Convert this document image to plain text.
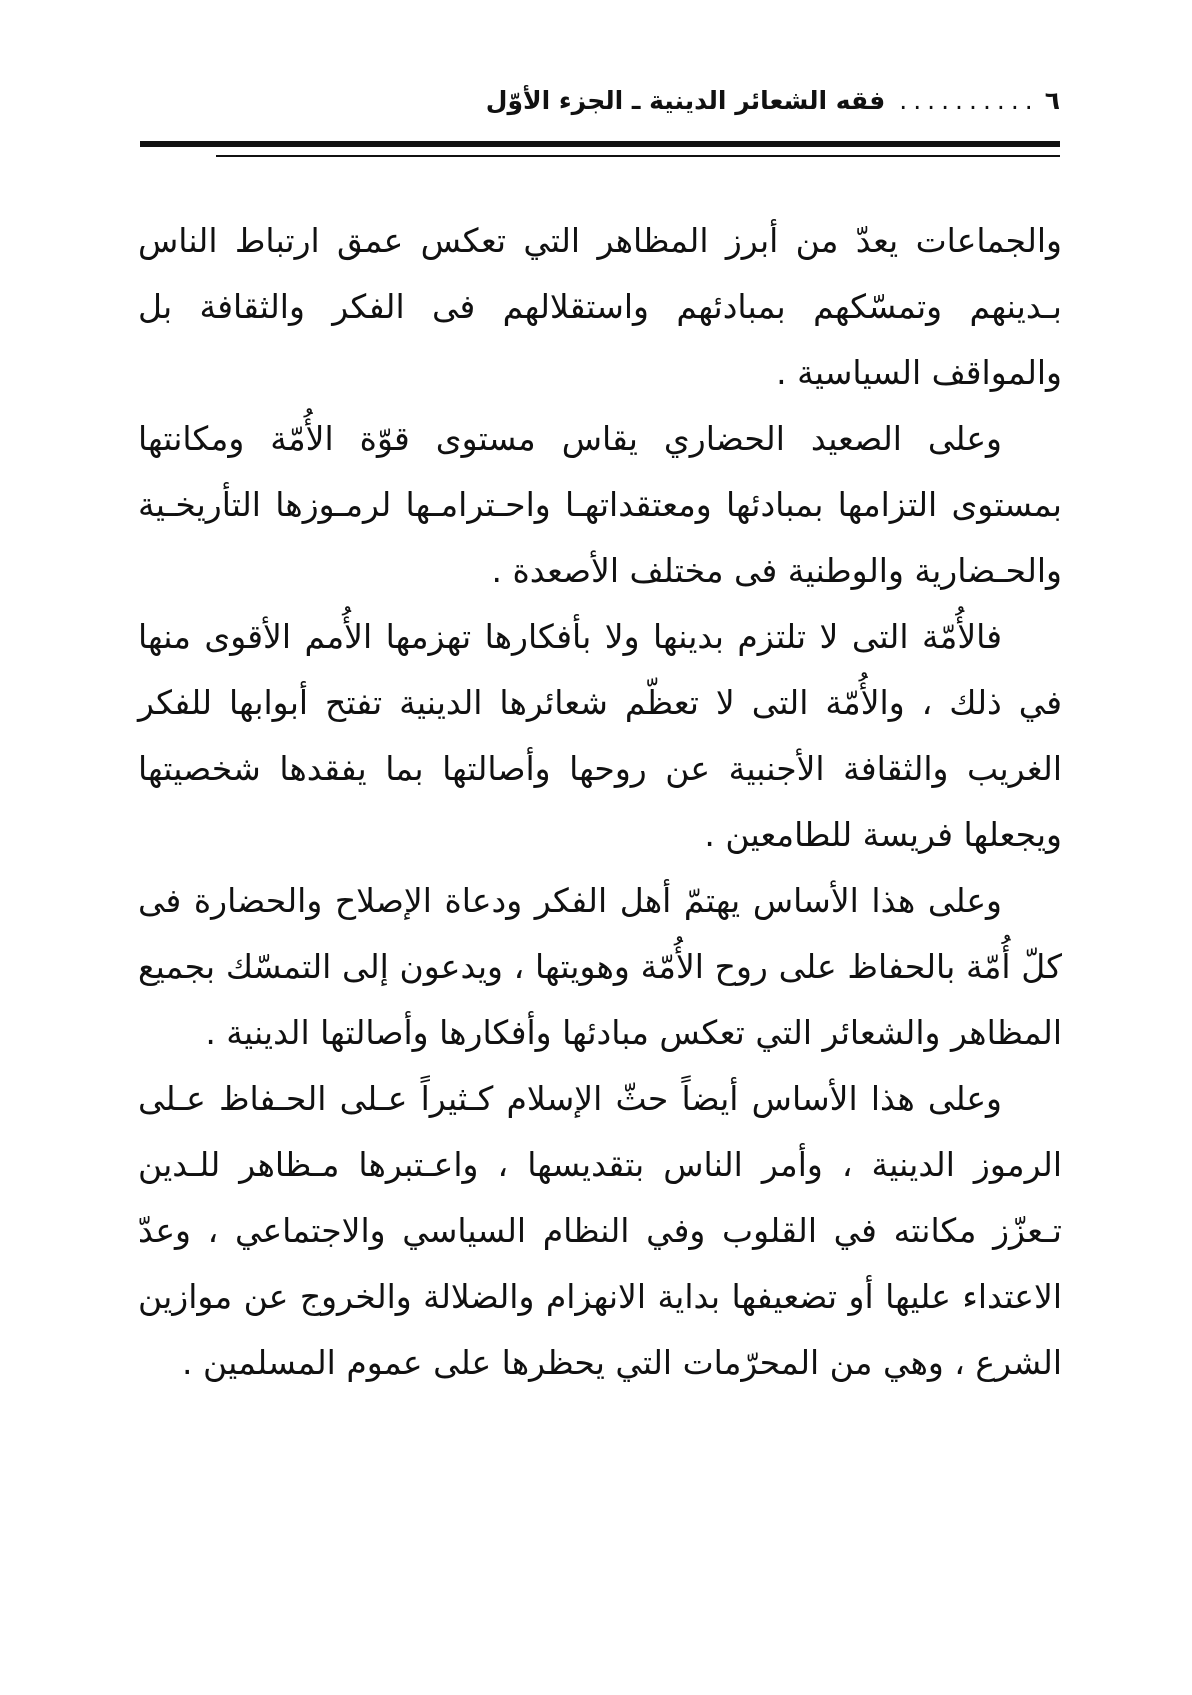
٦
..........
فقه الشعائر الدينية ـ الجزء الأوّل

والجماعات يعدّ من أبرز المظاهر التي تعكس عمق ارتباط الناس بـدينهم وتمسّكهم بمبادئهم واستقلالهم فى الفكر والثقافة بل والمواقف السياسية .

وعلى الصعيد الحضاري يقاس مستوى قوّة الأُمّة ومكانتها بمستوى التزامها بمبادئها ومعتقداتهـا واحـترامـها لرمـوزها التأريخـية والحـضارية والوطنية فى مختلف الأصعدة .

فالأُمّة التى لا تلتزم بدينها ولا بأفكارها تهزمها الأُمم الأقوى منها في ذلك ، والأُمّة التى لا تعظّم شعائرها الدينية تفتح أبوابها للفكر الغريب والثقافة الأجنبية عن روحها وأصالتها بما يفقدها شخصيتها ويجعلها فريسة للطامعين .

وعلى هذا الأساس يهتمّ أهل الفكر ودعاة الإصلاح والحضارة فى كلّ أُمّة بالحفاظ على روح الأُمّة وهويتها ، ويدعون إلى التمسّك بجميع المظاهر والشعائر التي تعكس مبادئها وأفكارها وأصالتها الدينية .

وعلى هذا الأساس أيضاً حثّ الإسلام كـثيراً عـلى الحـفاظ عـلى الرموز الدينية ، وأمر الناس بتقديسها ، واعـتبرها مـظاهر للـدين تـعزّز مكانته في القلوب وفي النظام السياسي والاجتماعي ، وعدّ الاعتداء عليها أو تضعيفها بداية الانهزام والضلالة والخروج عن موازين الشرع ، وهي من المحرّمات التي يحظرها على عموم المسلمين .
